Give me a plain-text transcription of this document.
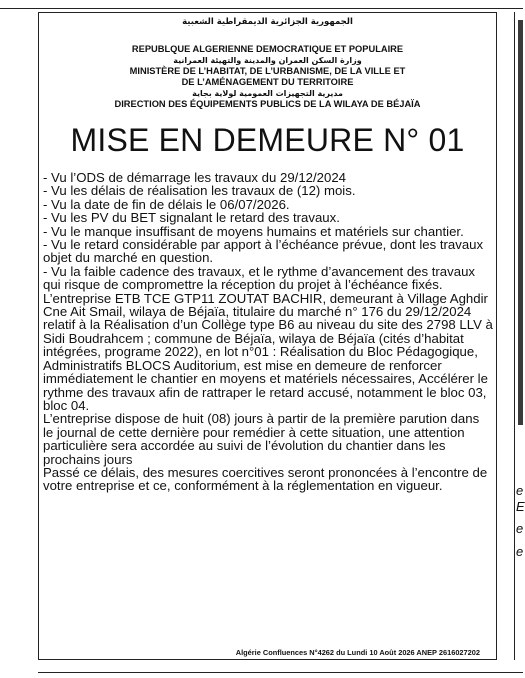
الجمهورية الجزائرية الديمقراطية الشعبية
REPUBLQUE ALGERIENNE DEMOCRATIQUE ET POPULAIRE
وزارة السكن العمران والمدينة والتهيئة العمرانية
MINISTÈRE DE L’HABITAT, DE L’URBANISME, DE LA VILLE ET
DE L’AMÉNAGEMENT DU TERRITOIRE
مديرية التجهيزات العمومية لولاية بجاية
DIRECTION DES ÉQUIPEMENTS PUBLICS DE LA WILAYA DE BÉJAÏA
MISE EN DEMEURE N° 01

- Vu l’ODS de démarrage les travaux du 29/12/2024

- Vu les délais de réalisation les travaux de (12) mois.

- Vu la date de fin de délais le 06/07/2026.

- Vu les PV du BET signalant le retard des travaux.

- Vu le manque insuffisant de moyens humains et matériels sur chantier.

- Vu le retard considérable par apport à l’échéance prévue, dont les travaux objet du marché en question.

- Vu la faible cadence des travaux, et le rythme d’avancement des travaux qui risque de compromettre la réception du projet à l’échéance fixés.

L’entreprise ETB TCE GTP11 ZOUTAT BACHIR, demeurant à Village Aghdir Cne Ait Smail, wilaya de Béjaïa, titulaire du marché n° 176 du 29/12/2024 relatif à la Réalisation d’un Collège type B6 au niveau du site des 2798 LLV à Sidi Boudrahcem ; commune de Béjaïa, wilaya de Béjaïa (cités d’habitat intégrées, programe 2022), en lot n°01 : Réalisation du Bloc Pédagogique, Administratifs BLOCS Auditorium, est mise en demeure de renforcer immédiatement le chantier en moyens et matériels nécessaires, Accélérer le rythme des travaux afin de rattraper le retard accusé, notamment le bloc 03, bloc 04.

L’entreprise dispose de huit (08) jours à partir de la première parution dans le journal de cette dernière pour remédier à cette situation, une attention particulière sera accordée au suivi de l’évolution du chantier dans les prochains jours

Passé ce délais, des mesures coercitives seront prononcées à l’encontre de votre entreprise et ce, conformément à la réglementation en vigueur.

Algérie Confluences N°4262 du Lundi 10 Août 2026 ANEP 2616027202
e
E
e
e
